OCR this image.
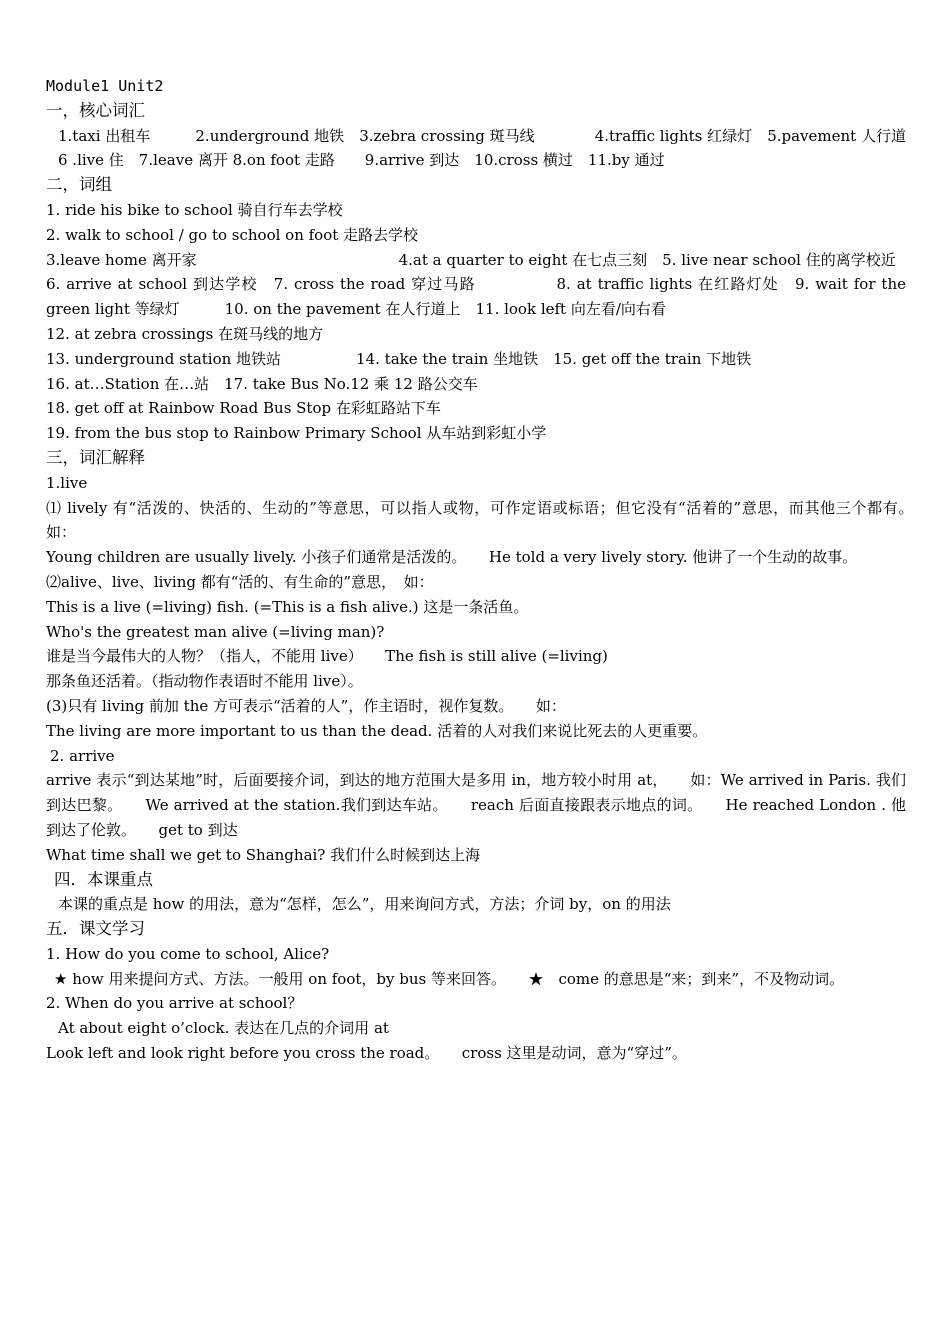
Module1 Unit2
一，核心词汇
1.taxi 出租车　　　2.underground 地铁　3.zebra crossing 斑马线　　　　4.traffic lights 红绿灯　5.pavement 人行道　6 .live 住　7.leave 离开 8.on foot 走路　　9.arrive 到达　10.cross 横过　11.by 通过
二，词组
1. ride his bike to school 骑自行车去学校
2. walk to school / go to school on foot 走路去学校
3.leave home 离开家	4.at a quarter to eight 在七点三刻　5. live near school 住的离学校近
6. arrive at school 到达学校　7. cross the road 穿过马路　　　　　8. at traffic lights 在红路灯处　9. wait for the green light 等绿灯　　　10. on the pavement 在人行道上　11. look left 向左看/向右看
12. at zebra crossings 在斑马线的地方
13. underground station 地铁站　　　　　14. take the train 坐地铁　15. get off the train 下地铁
16. at…Station 在…站　17. take Bus No.12 乘 12 路公交车
18. get off at Rainbow Road Bus Stop 在彩虹路站下车
19. from the bus stop to Rainbow Primary School 从车站到彩虹小学
三，词汇解释
1.live
⑴ lively 有“活泼的、快活的、生动的”等意思，可以指人或物，可作定语或标语；但它没有“活着的”意思，而其他三个都有。　　如：
Young children are usually lively. 小孩子们通常是活泼的。　　He told a very lively story. 他讲了一个生动的故事。
⑵alive、live、living 都有“活的、有生命的”意思，　如：
This is a live (=living) fish. (=This is a fish alive.) 这是一条活鱼。
Who's the greatest man alive (=living man)?
谁是当今最伟大的人物？（指人，不能用 live）　　The fish is still alive (=living)
那条鱼还活着。（指动物作表语时不能用 live）。
(3)只有 living 前加 the 方可表示“活着的人”，作主语时，视作复数。　　如：
The living are more important to us than the dead. 活着的人对我们来说比死去的人更重要。
2. arrive
arrive 表示“到达某地”时，后面要接介词，到达的地方范围大是多用 in，地方较小时用 at，　　如：We arrived in Paris. 我们到达巴黎。　　We arrived at the station.我们到达车站。　　reach 后面直接跟表示地点的词。　　He reached London . 他到达了伦敦。　　get to 到达
What time shall we get to Shanghai? 我们什么时候到达上海
四．本课重点
本课的重点是 how 的用法，意为“怎样，怎么”，用来询问方式，方法；介词 by，on 的用法
五．课文学习
1. How do you come to school, Alice?
★ how 用来提问方式、方法。一般用 on foot，by bus 等来回答。　　★　come 的意思是“来；到来”，不及物动词。
2. When do you arrive at school？
At about eight o’clock. 表达在几点的介词用 at
Look left and look right before you cross the road。　　cross 这里是动词，意为“穿过”。
